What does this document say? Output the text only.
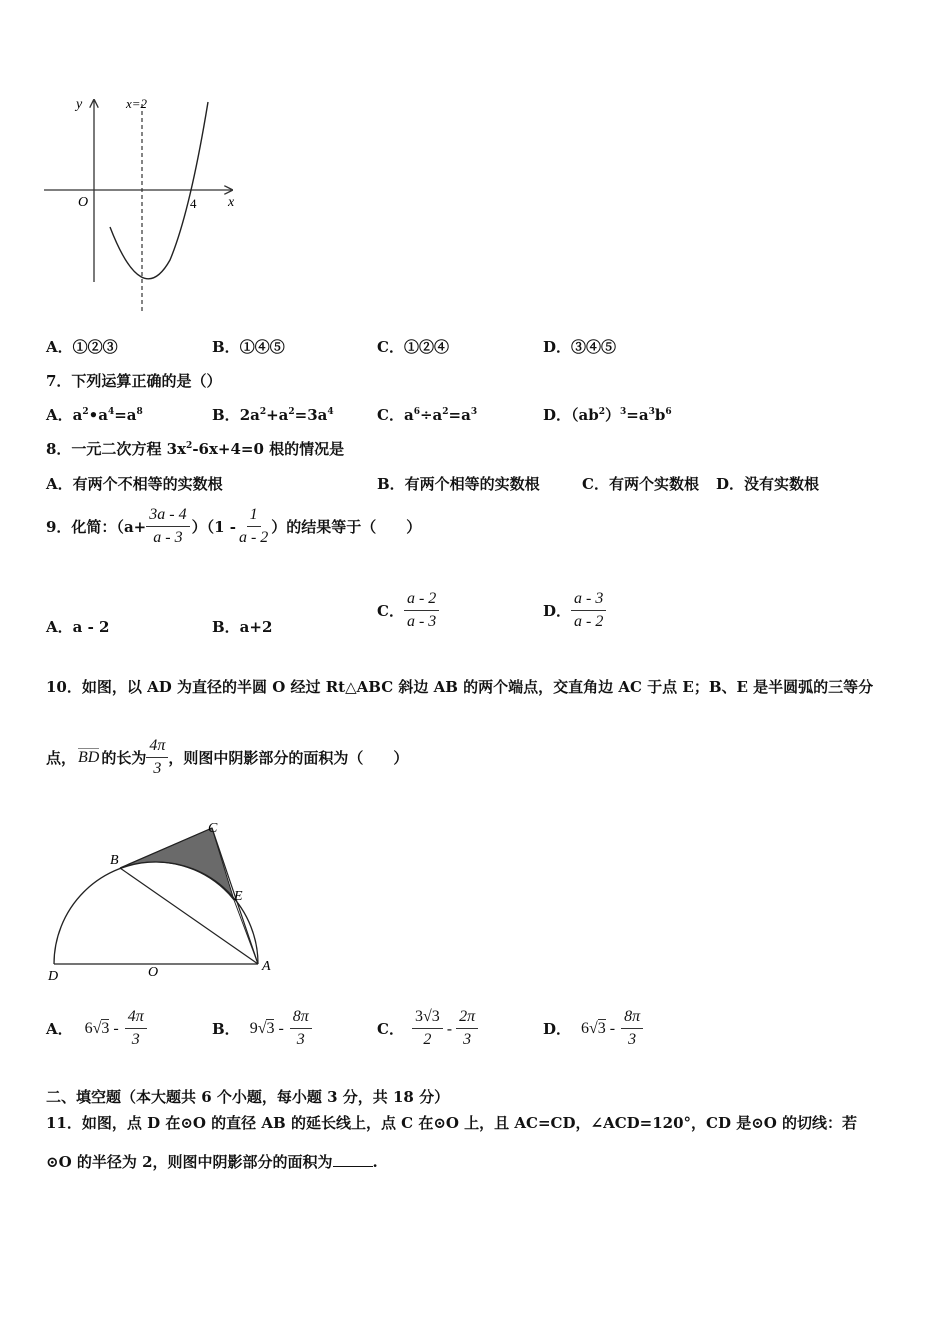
y
x
O
x=2
4
A．①②③	B．①④⑤	C．①②④	D．③④⑤
7．下列运算正确的是（）
A．$a^2•a^4=a^8$	B．$2a^2+a^2=3a^4$	C．$a^6\div a^2=a^3$	D．$(ab^2)^3=a^3b^6$
8．一元二次方程 $3x^2-6x+4=0$ 根的情况是
A．有两个不相等的实数根	B．有两个相等的实数根	C．有两个实数根 D．没有实数根
9．化简：$(a+ \frac{3a - 4}{a - 3} )(1 - \frac{1}{a - 2}$ ）的结果等于（　　）
A．a - 2	B．a+2
C． $\frac{a - 2}{a - 3}$	D． $\frac{a - 3}{a - 2}$
10．如图，以 AD 为直径的半圆 O 经过 Rt△ABC 斜边 AB 的两个端点，交直角边 AC 于点 E；B、E 是半圆弧的三等分
点， BD 的长为 $\frac{4\pi}{3}$ ，则图中阴影部分的面积为（　　）
B
C
E
D	O	A
A． $6√3 - \frac{4\pi}{3}$	B． $9√3 - \frac{8\pi}{3}$	C． $\frac{3√3}{2} - \frac{2\pi}{3}$	D． $6√3 - \frac{8\pi}{3}$
二、填空题（本大题共 6 个小题，每小题 3 分，共 18 分）
11．如图，点 D 在⊙O 的直径 AB 的延长线上，点 C 在⊙O 上，且 AC=CD，∠ACD=120°，CD 是⊙O 的切线：若
⊙O 的半径为 2，则图中阴影部分的面积为	.
